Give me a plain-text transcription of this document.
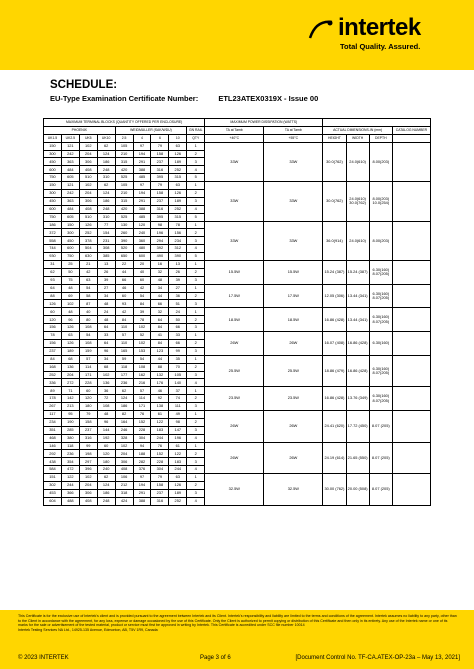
intertek
Total Quality. Assured.
SCHEDULE:
EU-Type Examination Certificate Number:	ETL23ATEX0319X - Issue 00
MAXIMUM TERMINAL BLOCKS (QUANTITY OFFERED PER ENCLOSURE)									MAXIMUM POWER DISSIPATION (WATTS)					
PHOENIX				WEIDMULLER (SAK/WDU)				GN RAIL	TA at Tamb	TA at Tamb	ACTUAL DIMENSIONS-IN (mm)			CATALOG NUMBER
UK1.5	UK2.5	UK5	UK10	2.5	4	6	10	QTY	+40°C	+55°C	HEIGHT	WIDTH	DEPTH	
150	121	102	62	105	97	79	63	1	33W	33W	30.0(762)	24.0(610)	8.00(203)	
300	242	204	124	210	194	158	126	2						
450	363	306	186	315	291	237	189	3						
600	484	408	248	420	388	316	252	4						
750	605	510	310	525	485	395	315	5						
150	121	102	62	105	97	79	63	1	33W	33W	30.0(762)	24.0(610) 30.0(762)	8.00(203) 10.0(254)	
300	242	204	124	210	194	158	126	2						
450	363	306	186	315	291	237	189	3						
600	484	408	248	420	388	316	252	4						
750	605	510	310	525	485	395	315	5						
186	150	126	77	130	120	98	78	1	33W	33W	36.0(914)	24.0(610)	8.00(203)	
372	300	252	154	260	240	196	156	2						
558	450	378	231	390	360	294	234	3						
744	600	504	308	520	480	392	312	4						
930	750	630	385	650	600	490	390	5						
31	25	21	13	22	20	16	13	1	15.5W	15.5W	15.24 (387)	15.24 (387)	6.30(160) 8.07(205)	
62	50	42	26	44	40	32	26	2						
93	75	63	39	66	60	48	39	3						
64	48	54	27	46	42	34	27	1	17.5W	17.5W	12.05 (306)	13.44 (341)	6.30(160) 8.07(205)	
88	69	58	34	60	54	44	36	2						
126	102	87	48	93	84	66	51	3						
60	48	40	24	42	39	32	24	1	18.5W	18.5W	16.86 (428)	13.44 (341)	6.30(160) 8.07(205)	
120	96	80	48	84	78	64	50	2						
156	126	108	64	110	102	84	66	3						
78	63	54	33	57	52	41	33	1	26W	26W	16.07 (408)	16.86 (428)	6.30(160)	
156	126	108	64	110	102	84	66	2						
237	189	159	96	165	153	123	99	3						
84	68	57	34	59	54	44	35	1	25.5W	25.5W	18.86 (479)	16.86 (428)	6.30(160) 8.07(205)	
168	136	114	68	118	108	88	70	2						
252	204	171	102	177	162	132	105	3						
336	272	228	136	236	216	176	140	4						
89	71	60	36	62	57	46	37	1	23.5W	23.5W	16.86 (428)	13.76 (349)	6.30(160) 8.07(205)	
178	142	120	72	124	114	92	74	2						
267	213	180	108	186	171	138	111	3						
117	95	79	48	82	76	61	49	1	26W	26W	24.41 (620)	17.72 (450)	8.07 (205)	
234	190	158	96	164	152	122	98	2						
351	285	237	144	246	228	183	147	3						
468	380	316	192	328	304	244	196	4						
146	118	99	60	102	94	76	61	1	26W	26W	24.19 (614)	21.65 (550)	8.07 (205)	
292	236	198	120	204	188	152	122	2						
438	354	297	180	306	282	228	183	3						
584	472	396	240	408	376	304	244	4						
151	122	102	62	106	97	79	63	1	32.5W	32.5W	30.00 (762)	20.00 (508)	8.07 (205)	
302	244	204	124	212	194	158	126	2						
453	366	306	186	318	291	237	189	3						
604	488	408	248	424	388	316	252	4						
This Certificate is for the exclusive use of Intertek's client and is provided pursuant to the agreement between Intertek and its Client. Intertek's responsibility and liability are limited to the terms and conditions of the agreement. Intertek assumes no liability to any party, other than to the Client in accordance with the agreement, for any loss, expense or damage occasioned by the use of this Certificate. Only the Client is authorized to permit copying or distribution of this Certificate and then only in its entirety. Any use of the Intertek name or one of its marks for the sale or advertisement of the tested material, product or service must first be approved in writing by Intertek. This Certificate is accredited under SCC file number 10014
Intertek Testing Services NA Ltd., 14925-135 Avenue, Edmonton, AB, T5V 1R9, Canada
© 2023 INTERTEK	Page 3 of 6	[Document Control No. TF-CA.ATEX-OP-23a – May 13, 2021]
